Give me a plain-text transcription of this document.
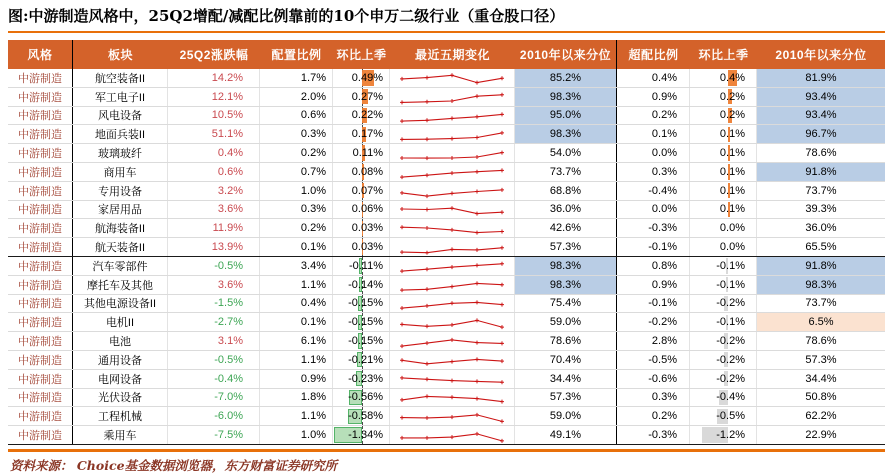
图:中游制造风格中，25Q2增配/减配比例靠前的10个申万二级行业（重仓股口径）
风格	板块	25Q2涨跌幅	配置比例	环比上季	最近五期变化	2010年以来分位	超配比例	环比上季	2010年以来分位
中游制造	航空装备II	14.2%	1.7%	0.49%	85.2%	0.4%	0.4%	81.9%
中游制造	军工电子II	12.1%	2.0%	0.27%	98.3%	0.9%	0.2%	93.4%
中游制造	风电设备	10.5%	0.6%	0.22%	95.0%	0.2%	0.2%	93.4%
中游制造	地面兵装II	51.1%	0.3%	0.17%	98.3%	0.1%	0.1%	96.7%
中游制造	玻璃玻纤	0.4%	0.2%	0.11%	54.0%	0.0%	0.1%	78.6%
中游制造	商用车	0.6%	0.7%	0.08%	73.7%	0.3%	0.1%	91.8%
中游制造	专用设备	3.2%	1.0%	0.07%	68.8%	-0.4%	0.1%	73.7%
中游制造	家居用品	3.6%	0.3%	0.06%	36.0%	0.0%	0.1%	39.3%
中游制造	航海装备II	11.9%	0.2%	0.03%	42.6%	-0.3%	0.0%	36.0%
中游制造	航天装备II	13.9%	0.1%	0.03%	57.3%	-0.1%	0.0%	65.5%
中游制造	汽车零部件	-0.5%	3.4%	-0.11%	98.3%	0.8%	-0.1%	91.8%
中游制造	摩托车及其他	3.6%	1.1%	-0.14%	98.3%	0.9%	-0.1%	98.3%
中游制造	其他电源设备II	-1.5%	0.4%	-0.15%	75.4%	-0.1%	-0.2%	73.7%
中游制造	电机II	-2.7%	0.1%	-0.15%	59.0%	-0.2%	-0.1%	6.5%
中游制造	电池	3.1%	6.1%	-0.15%	78.6%	2.8%	-0.2%	78.6%
中游制造	通用设备	-0.5%	1.1%	-0.21%	70.4%	-0.5%	-0.2%	57.3%
中游制造	电网设备	-0.4%	0.9%	-0.23%	34.4%	-0.6%	-0.2%	34.4%
中游制造	光伏设备	-7.0%	1.8%	-0.56%	57.3%	0.3%	-0.4%	50.8%
中游制造	工程机械	-6.0%	1.1%	-0.58%	59.0%	0.2%	-0.5%	62.2%
中游制造	乘用车	-7.5%	1.0%	-1.34%	49.1%	-0.3%	-1.2%	22.9%
资料来源： Choice基金数据浏览器，东方财富证券研究所
